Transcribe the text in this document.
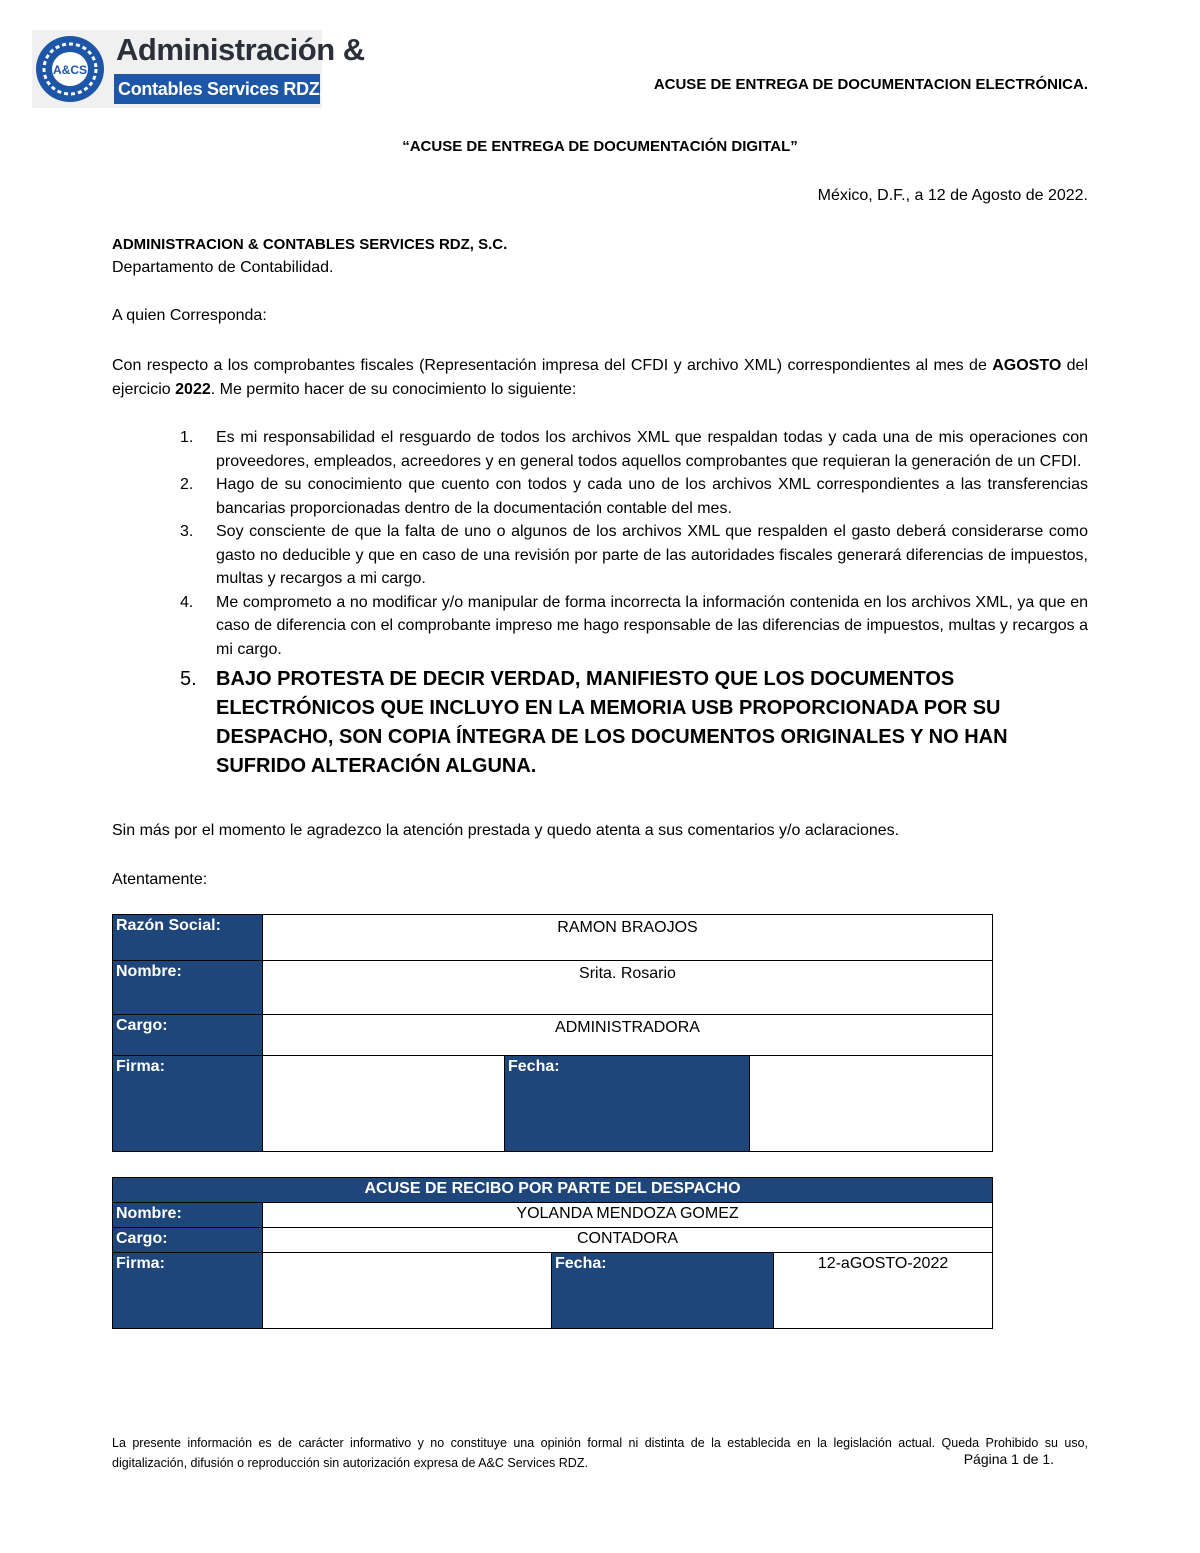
A&CS
Administración &
Contables Services RDZ, S.C.	ACUSE DE ENTREGA DE DOCUMENTACION ELECTRÓNICA.
“ACUSE DE ENTREGA DE DOCUMENTACIÓN DIGITAL”
México, D.F., a 12 de Agosto de 2022.
ADMINISTRACION & CONTABLES SERVICES RDZ, S.C.
Departamento de Contabilidad.
A quien Corresponda:
Con respecto a los comprobantes fiscales (Representación impresa del CFDI y archivo XML) correspondientes al mes de AGOSTO del ejercicio 2022. Me permito hacer de su conocimiento lo siguiente:
1. Es mi responsabilidad el resguardo de todos los archivos XML que respaldan todas y cada una de mis operaciones con proveedores, empleados, acreedores y en general todos aquellos comprobantes que requieran la generación de un CFDI.
2. Hago de su conocimiento que cuento con todos y cada uno de los archivos XML correspondientes a las transferencias bancarias proporcionadas dentro de la documentación contable del mes.
3. Soy consciente de que la falta de uno o algunos de los archivos XML que respalden el gasto deberá considerarse como gasto no deducible y que en caso de una revisión por parte de las autoridades fiscales generará diferencias de impuestos, multas y recargos a mi cargo.
4. Me comprometo a no modificar y/o manipular de forma incorrecta la información contenida en los archivos XML, ya que en caso de diferencia con el comprobante impreso me hago responsable de las diferencias de impuestos, multas y recargos a mi cargo.
5. BAJO PROTESTA DE DECIR VERDAD, MANIFIESTO QUE LOS DOCUMENTOS ELECTRÓNICOS QUE INCLUYO EN LA MEMORIA USB PROPORCIONADA POR SU DESPACHO, SON COPIA ÍNTEGRA DE LOS DOCUMENTOS ORIGINALES Y NO HAN SUFRIDO ALTERACIÓN ALGUNA.
Sin más por el momento le agradezco la atención prestada y quedo atenta a sus comentarios y/o aclaraciones.
Atentamente:
Razón Social:	RAMON BRAOJOS		
Nombre:	Srita. Rosario		
Cargo:	ADMINISTRADORA		
Firma:		Fecha:	
ACUSE DE RECIBO POR PARTE DEL DESPACHO			
Nombre:	YOLANDA MENDOZA GOMEZ		
Cargo:	CONTADORA		
Firma:		Fecha:	12-aGOSTO-2022
La presente información es de carácter informativo y no constituye una opinión formal ni distinta de la establecida en la legislación actual. Queda Prohibido su uso, digitalización, difusión o reproducción sin autorización expresa de A&C Services RDZ.	Página 1 de 1.
